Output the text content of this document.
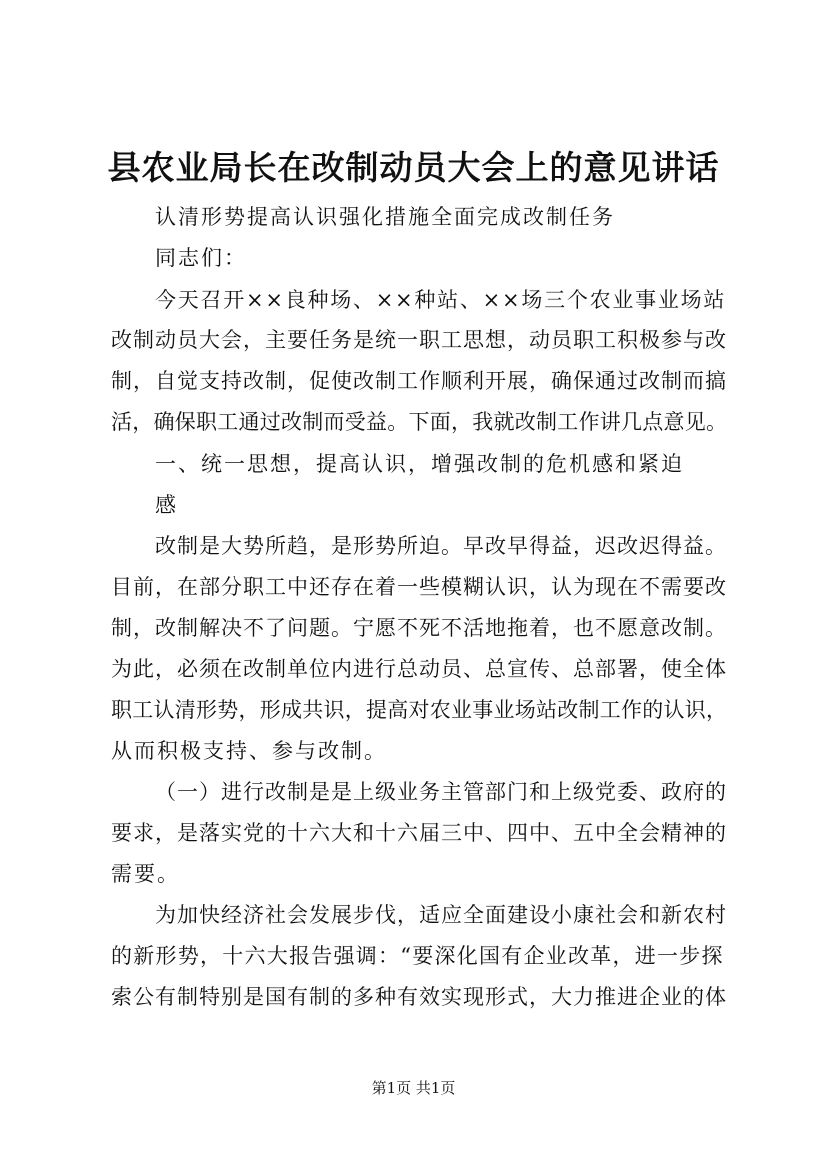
县农业局长在改制动员大会上的意见讲话
认清形势提高认识强化措施全面完成改制任务
同志们：
今天召开××良种场、××种站、××场三个农业事业场站
改制动员大会，主要任务是统一职工思想，动员职工积极参与改
制，自觉支持改制，促使改制工作顺利开展，确保通过改制而搞
活，确保职工通过改制而受益。下面，我就改制工作讲几点意见。
一、统一思想，提高认识，增强改制的危机感和紧迫
感
改制是大势所趋，是形势所迫。早改早得益，迟改迟得益。
目前，在部分职工中还存在着一些模糊认识，认为现在不需要改
制，改制解决不了问题。宁愿不死不活地拖着，也不愿意改制。
为此，必须在改制单位内进行总动员、总宣传、总部署，使全体
职工认清形势，形成共识，提高对农业事业场站改制工作的认识，
从而积极支持、参与改制。
（一）进行改制是是上级业务主管部门和上级党委、政府的
要求，是落实党的十六大和十六届三中、四中、五中全会精神的
需要。
为加快经济社会发展步伐，适应全面建设小康社会和新农村
的新形势，十六大报告强调：“要深化国有企业改革，进一步探
索公有制特别是国有制的多种有效实现形式，大力推进企业的体
第1页 共1页
